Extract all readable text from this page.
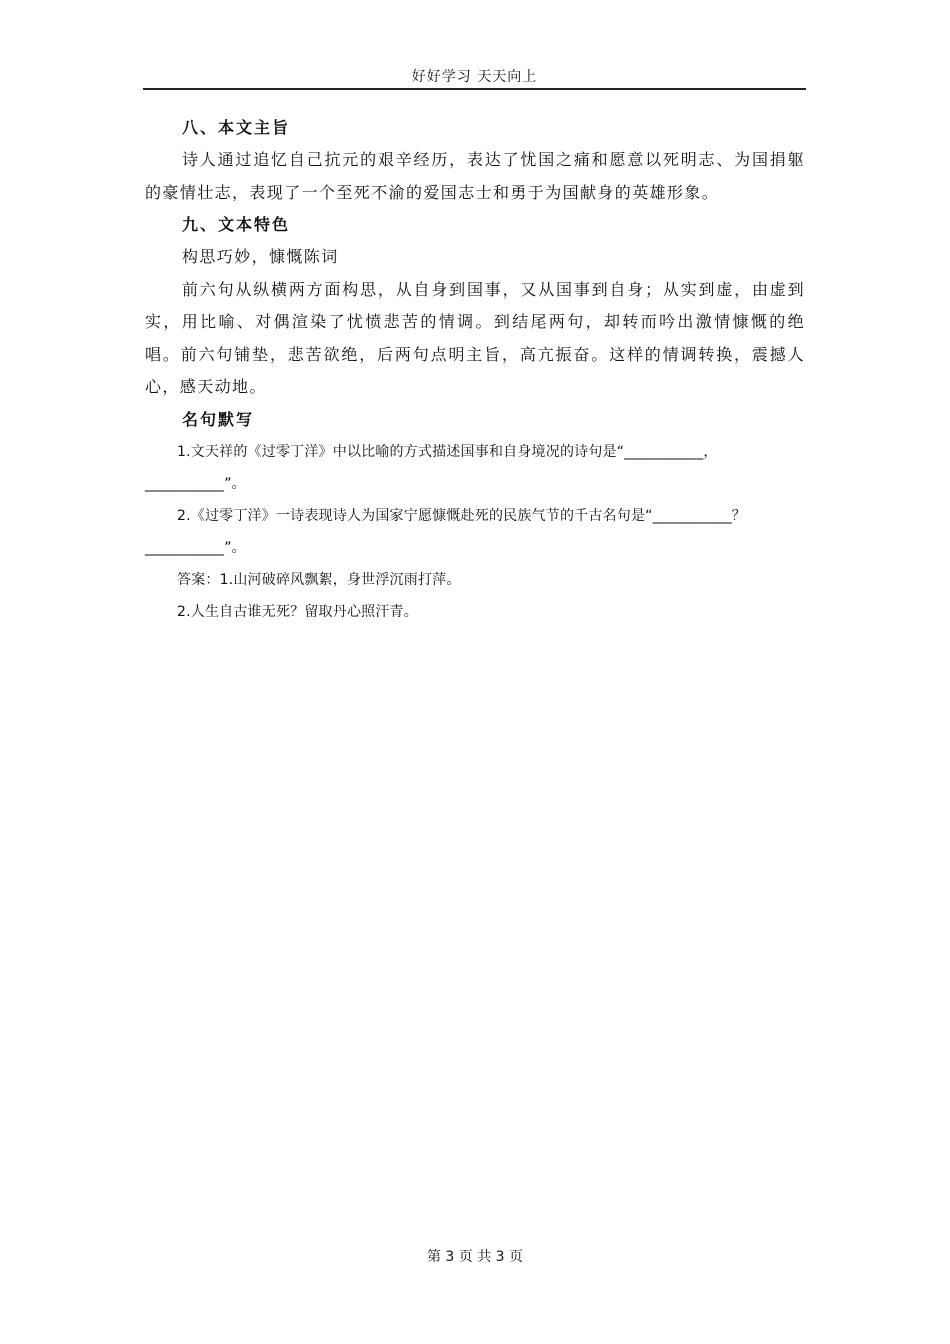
好好学习 天天向上

八、本文主旨

诗人通过追忆自己抗元的艰辛经历，表达了忧国之痛和愿意以死明志、为国捐躯的豪情壮志，表现了一个至死不渝的爱国志士和勇于为国献身的英雄形象。

九、文本特色

构思巧妙，慷慨陈词

前六句从纵横两方面构思，从自身到国事，又从国事到自身；从实到虚，由虚到实，用比喻、对偶渲染了忧愤悲苦的情调。到结尾两句，却转而吟出激情慷慨的绝唱。前六句铺垫，悲苦欲绝，后两句点明主旨，高亢振奋。这样的情调转换，震撼人心，感天动地。

名句默写

1.文天祥的《过零丁洋》中以比喻的方式描述国事和自身境况的诗句是“___________，___________”。

2.《过零丁洋》一诗表现诗人为国家宁愿慷慨赴死的民族气节的千古名句是“___________？___________”。

答案：1.山河破碎风飘絮，身世浮沉雨打萍。

2.人生自古谁无死？留取丹心照汗青。

第 3 页 共 3 页
